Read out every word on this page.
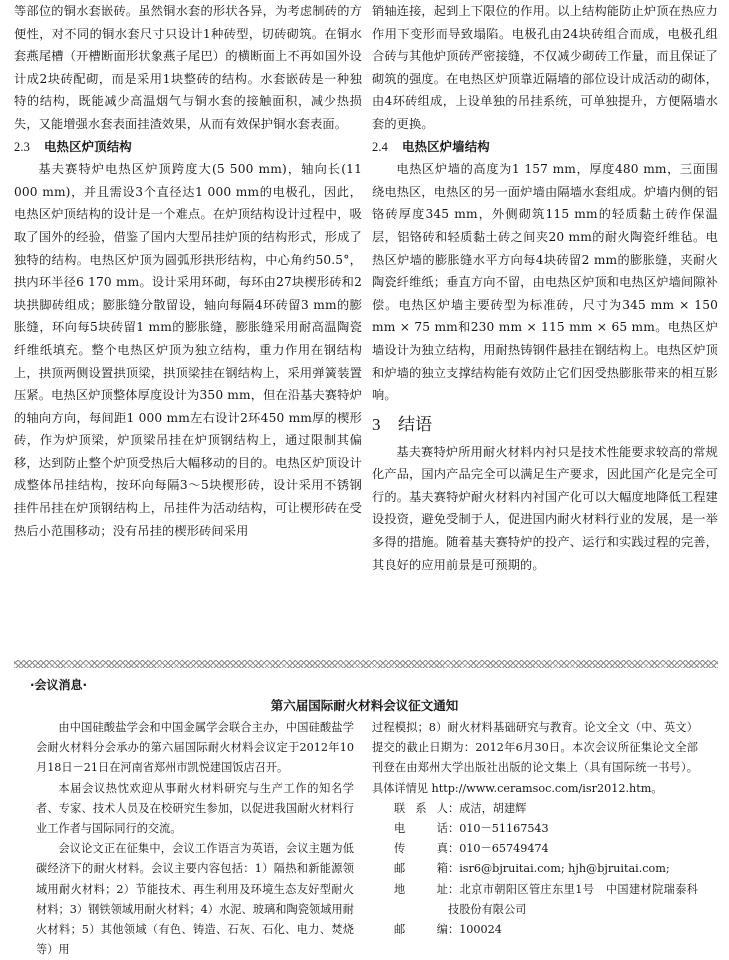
等部位的铜水套嵌砖。虽然铜水套的形状各异，为考虑制砖的方便性，对不同的铜水套尺寸只设计1种砖型，切砖砌筑。在铜水套燕尾槽（开槽断面形状象燕子尾巴）的横断面上不再如国外设计成2块砖配砌，而是采用1块整砖的结构。水套嵌砖是一种独特的结构，既能减少高温烟气与铜水套的接触面积，减少热损失，又能增强水套表面挂渣效果，从而有效保护铜水套表面。

2.3 电热区炉顶结构

基夫赛特炉电热区炉顶跨度大(5 500 mm)，轴向长(11 000 mm)，并且需设3个直径达1 000 mm的电极孔，因此，电热区炉顶结构的设计是一个难点。在炉顶结构设计过程中，吸取了国外的经验，借鉴了国内大型吊挂炉顶的结构形式，形成了独特的结构。电热区炉顶为圆弧形拱形结构，中心角约50.5°，拱内环半径6 170 mm。设计采用环砌，每环由27块楔形砖和2块拱脚砖组成；膨胀缝分散留设，轴向每隔4环砖留3 mm的膨胀缝，环向每5块砖留1 mm的膨胀缝，膨胀缝采用耐高温陶瓷纤维纸填充。整个电热区炉顶为独立结构，重力作用在钢结构上，拱顶两侧设置拱顶梁，拱顶梁挂在钢结构上，采用弹簧装置压紧。电热区炉顶整体厚度设计为350 mm，但在沿基夫赛特炉的轴向方向，每间距1 000 mm左右设计2环450 mm厚的楔形砖，作为炉顶梁，炉顶梁吊挂在炉顶钢结构上，通过限制其偏移，达到防止整个炉顶受热后大幅移动的目的。电热区炉顶设计成整体吊挂结构，按环向每隔3～5块楔形砖，设计采用不锈钢挂件吊挂在炉顶钢结构上，吊挂件为活动结构，可让楔形砖在受热后小范围移动；没有吊挂的楔形砖间采用

销轴连接，起到上下限位的作用。以上结构能防止炉顶在热应力作用下变形而导致塌陷。电极孔由24块砖组合而成，电极孔组合砖与其他炉顶砖严密接缝，不仅减少砌砖工作量，而且保证了砌筑的强度。在电热区炉顶靠近隔墙的部位设计成活动的砌体，由4环砖组成，上设单独的吊挂系统，可单独提升，方便隔墙水套的更换。

2.4 电热区炉墙结构

电热区炉墙的高度为1 157 mm，厚度480 mm，三面围绕电热区，电热区的另一面炉墙由隔墙水套组成。炉墙内侧的铝铬砖厚度345 mm，外侧砌筑115 mm的轻质黏土砖作保温层，铝铬砖和轻质黏土砖之间夹20 mm的耐火陶瓷纤维毡。电热区炉墙的膨胀缝水平方向每4块砖留2 mm的膨胀缝，夹耐火陶瓷纤维纸；垂直方向不留，由电热区炉顶和电热区炉墙间隙补偿。电热区炉墙主要砖型为标准砖，尺寸为345 mm × 150 mm × 75 mm和230 mm × 115 mm × 65 mm。电热区炉墙设计为独立结构，用耐热铸钢件悬挂在钢结构上。电热区炉顶和炉墙的独立支撑结构能有效防止它们因受热膨胀带来的相互影响。

3 结语

基夫赛特炉所用耐火材料内衬只是技术性能要求较高的常规化产品，国内产品完全可以满足生产要求，因此国产化是完全可行的。基夫赛特炉耐火材料内衬国产化可以大幅度地降低工程建设投资，避免受制于人，促进国内耐火材料行业的发展，是一举多得的措施。随着基夫赛特炉的投产、运行和实践过程的完善，其良好的应用前景是可预期的。

·会议消息·
第六届国际耐火材料会议征文通知

由中国硅酸盐学会和中国金属学会联合主办，中国硅酸盐学会耐火材料分会承办的第六届国际耐火材料会议定于2012年10月18日－21日在河南省郑州市凯悦建国饭店召开。

本届会议热忱欢迎从事耐火材料研究与生产工作的知名学者、专家、技术人员及在校研究生参加，以促进我国耐火材料行业工作者与国际同行的交流。

会议论文正在征集中，会议工作语言为英语，会议主题为低碳经济下的耐火材料。会议主要内容包括：1）隔热和新能源领域用耐火材料；2）节能技术、再生利用及环境生态友好型耐火材料；3）钢铁领域用耐火材料；4）水泥、玻璃和陶瓷领域用耐火材料；5）其他领域（有色、铸造、石灰、石化、电力、焚烧等）用

过程模拟；8）耐火材料基础研究与教育。论文全文（中、英文）提交的截止日期为：2012年6月30日。本次会议所征集论文全部刊登在由郑州大学出版社出版的论文集上（具有国际统一书号）。具体详情见 http://www.ceramsoc.com/isr2012.htm。

联系人 ：成洁，胡建辉
电话 ：010－51167543
传真 ：010－65749474
邮箱 ：isr6@bjruitai.com; hjh@bjruitai.com;
地址 ：北京市朝阳区管庄东里1号　中国建材院瑞泰科技股份有限公司
邮编 ：100024
